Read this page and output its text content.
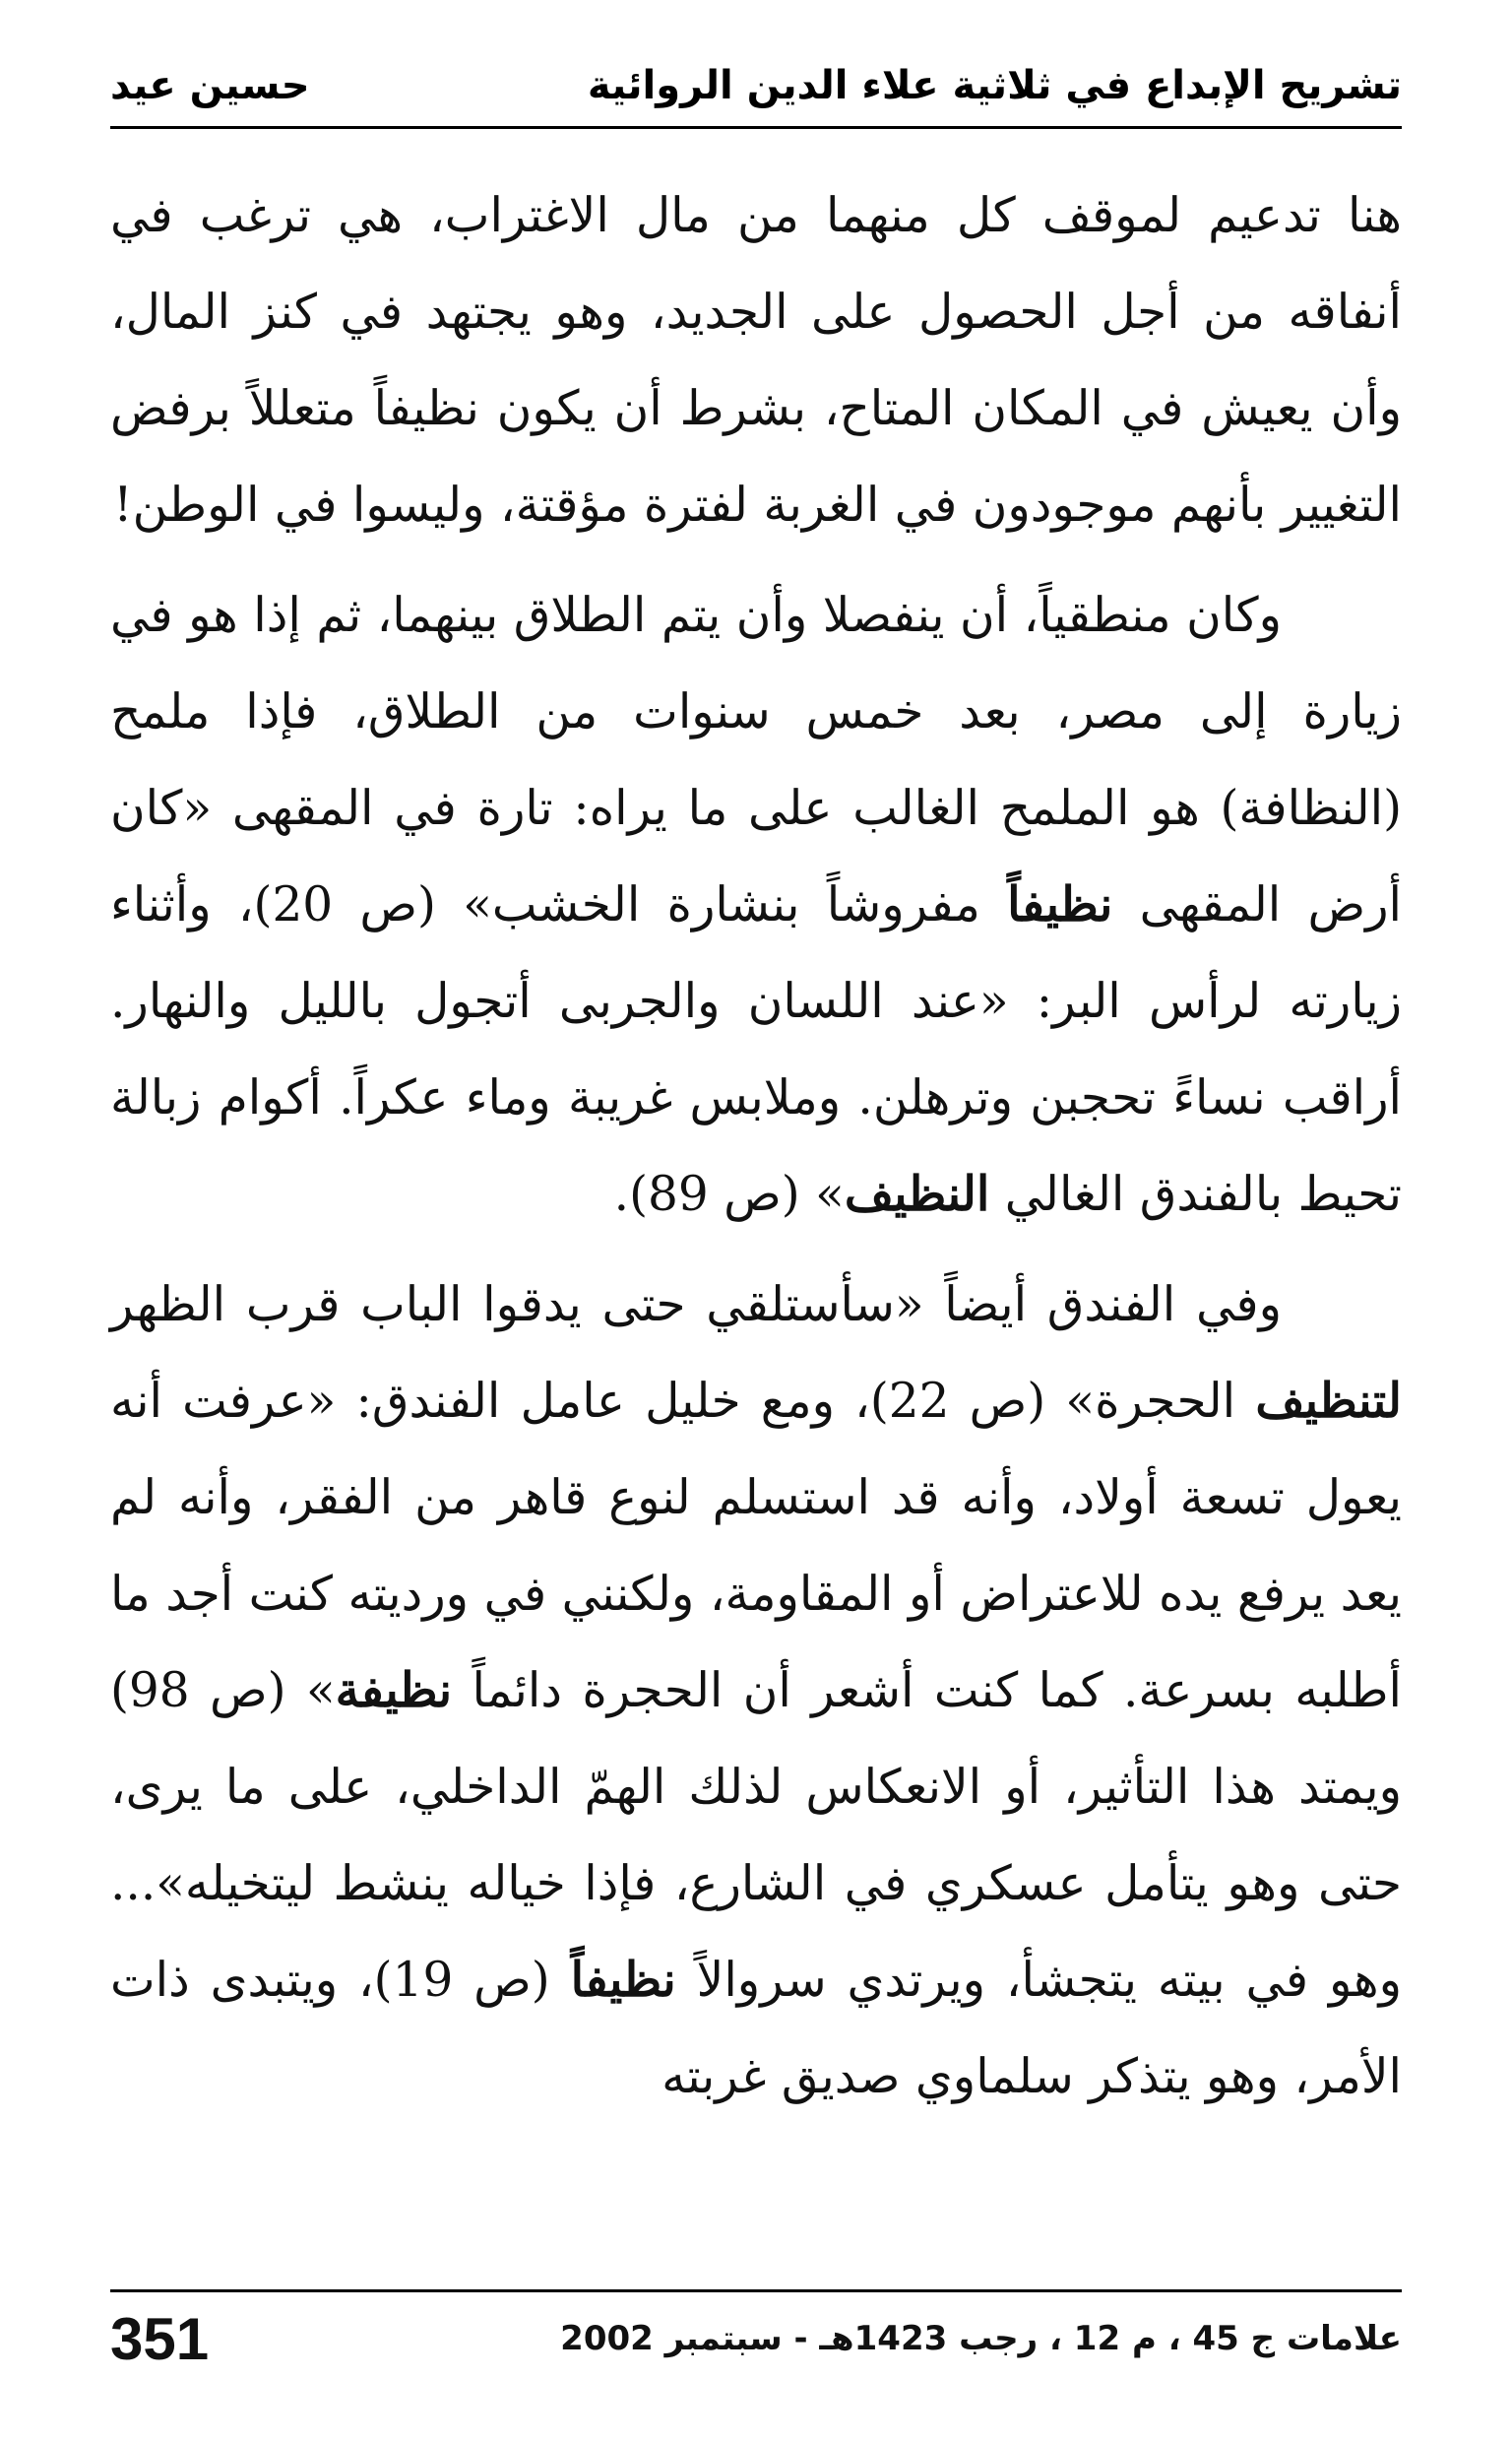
تشريح الإبداع في ثلاثية علاء الدين الروائية
حسين عيد

هنا تدعيم لموقف كل منهما من مال الاغتراب، هي ترغب في أنفاقه من أجل الحصول على الجديد، وهو يجتهد في كنز المال، وأن يعيش في المكان المتاح، بشرط أن يكون نظيفاً متعللاً برفض التغيير بأنهم موجودون في الغربة لفترة مؤقتة، وليسوا في الوطن!

وكان منطقياً، أن ينفصلا وأن يتم الطلاق بينهما، ثم إذا هو في زيارة إلى مصر، بعد خمس سنوات من الطلاق، فإذا ملمح (النظافة) هو الملمح الغالب على ما يراه: تارة في المقهى «كان أرض المقهى نظيفاً مفروشاً بنشارة الخشب» (ص 20)، وأثناء زيارته لرأس البر: «عند اللسان والجربى أتجول بالليل والنهار. أراقب نساءً تحجبن وترهلن. وملابس غريبة وماء عكراً. أكوام زبالة تحيط بالفندق الغالي النظيف» (ص 89).

وفي الفندق أيضاً «سأستلقي حتى يدقوا الباب قرب الظهر لتنظيف الحجرة» (ص 22)، ومع خليل عامل الفندق: «عرفت أنه يعول تسعة أولاد، وأنه قد استسلم لنوع قاهر من الفقر، وأنه لم يعد يرفع يده للاعتراض أو المقاومة، ولكنني في ورديته كنت أجد ما أطلبه بسرعة. كما كنت أشعر أن الحجرة دائماً نظيفة» (ص 98) ويمتد هذا التأثير، أو الانعكاس لذلك الهمّ الداخلي، على ما يرى، حتى وهو يتأمل عسكري في الشارع، فإذا خياله ينشط ليتخيله»... وهو في بيته يتجشأ، ويرتدي سروالاً نظيفاً (ص 19)، ويتبدى ذات الأمر، وهو يتذكر سلماوي صديق غربته

علامات ج 45 ، م 12 ، رجب 1423هـ - سبتمبر 2002
351
